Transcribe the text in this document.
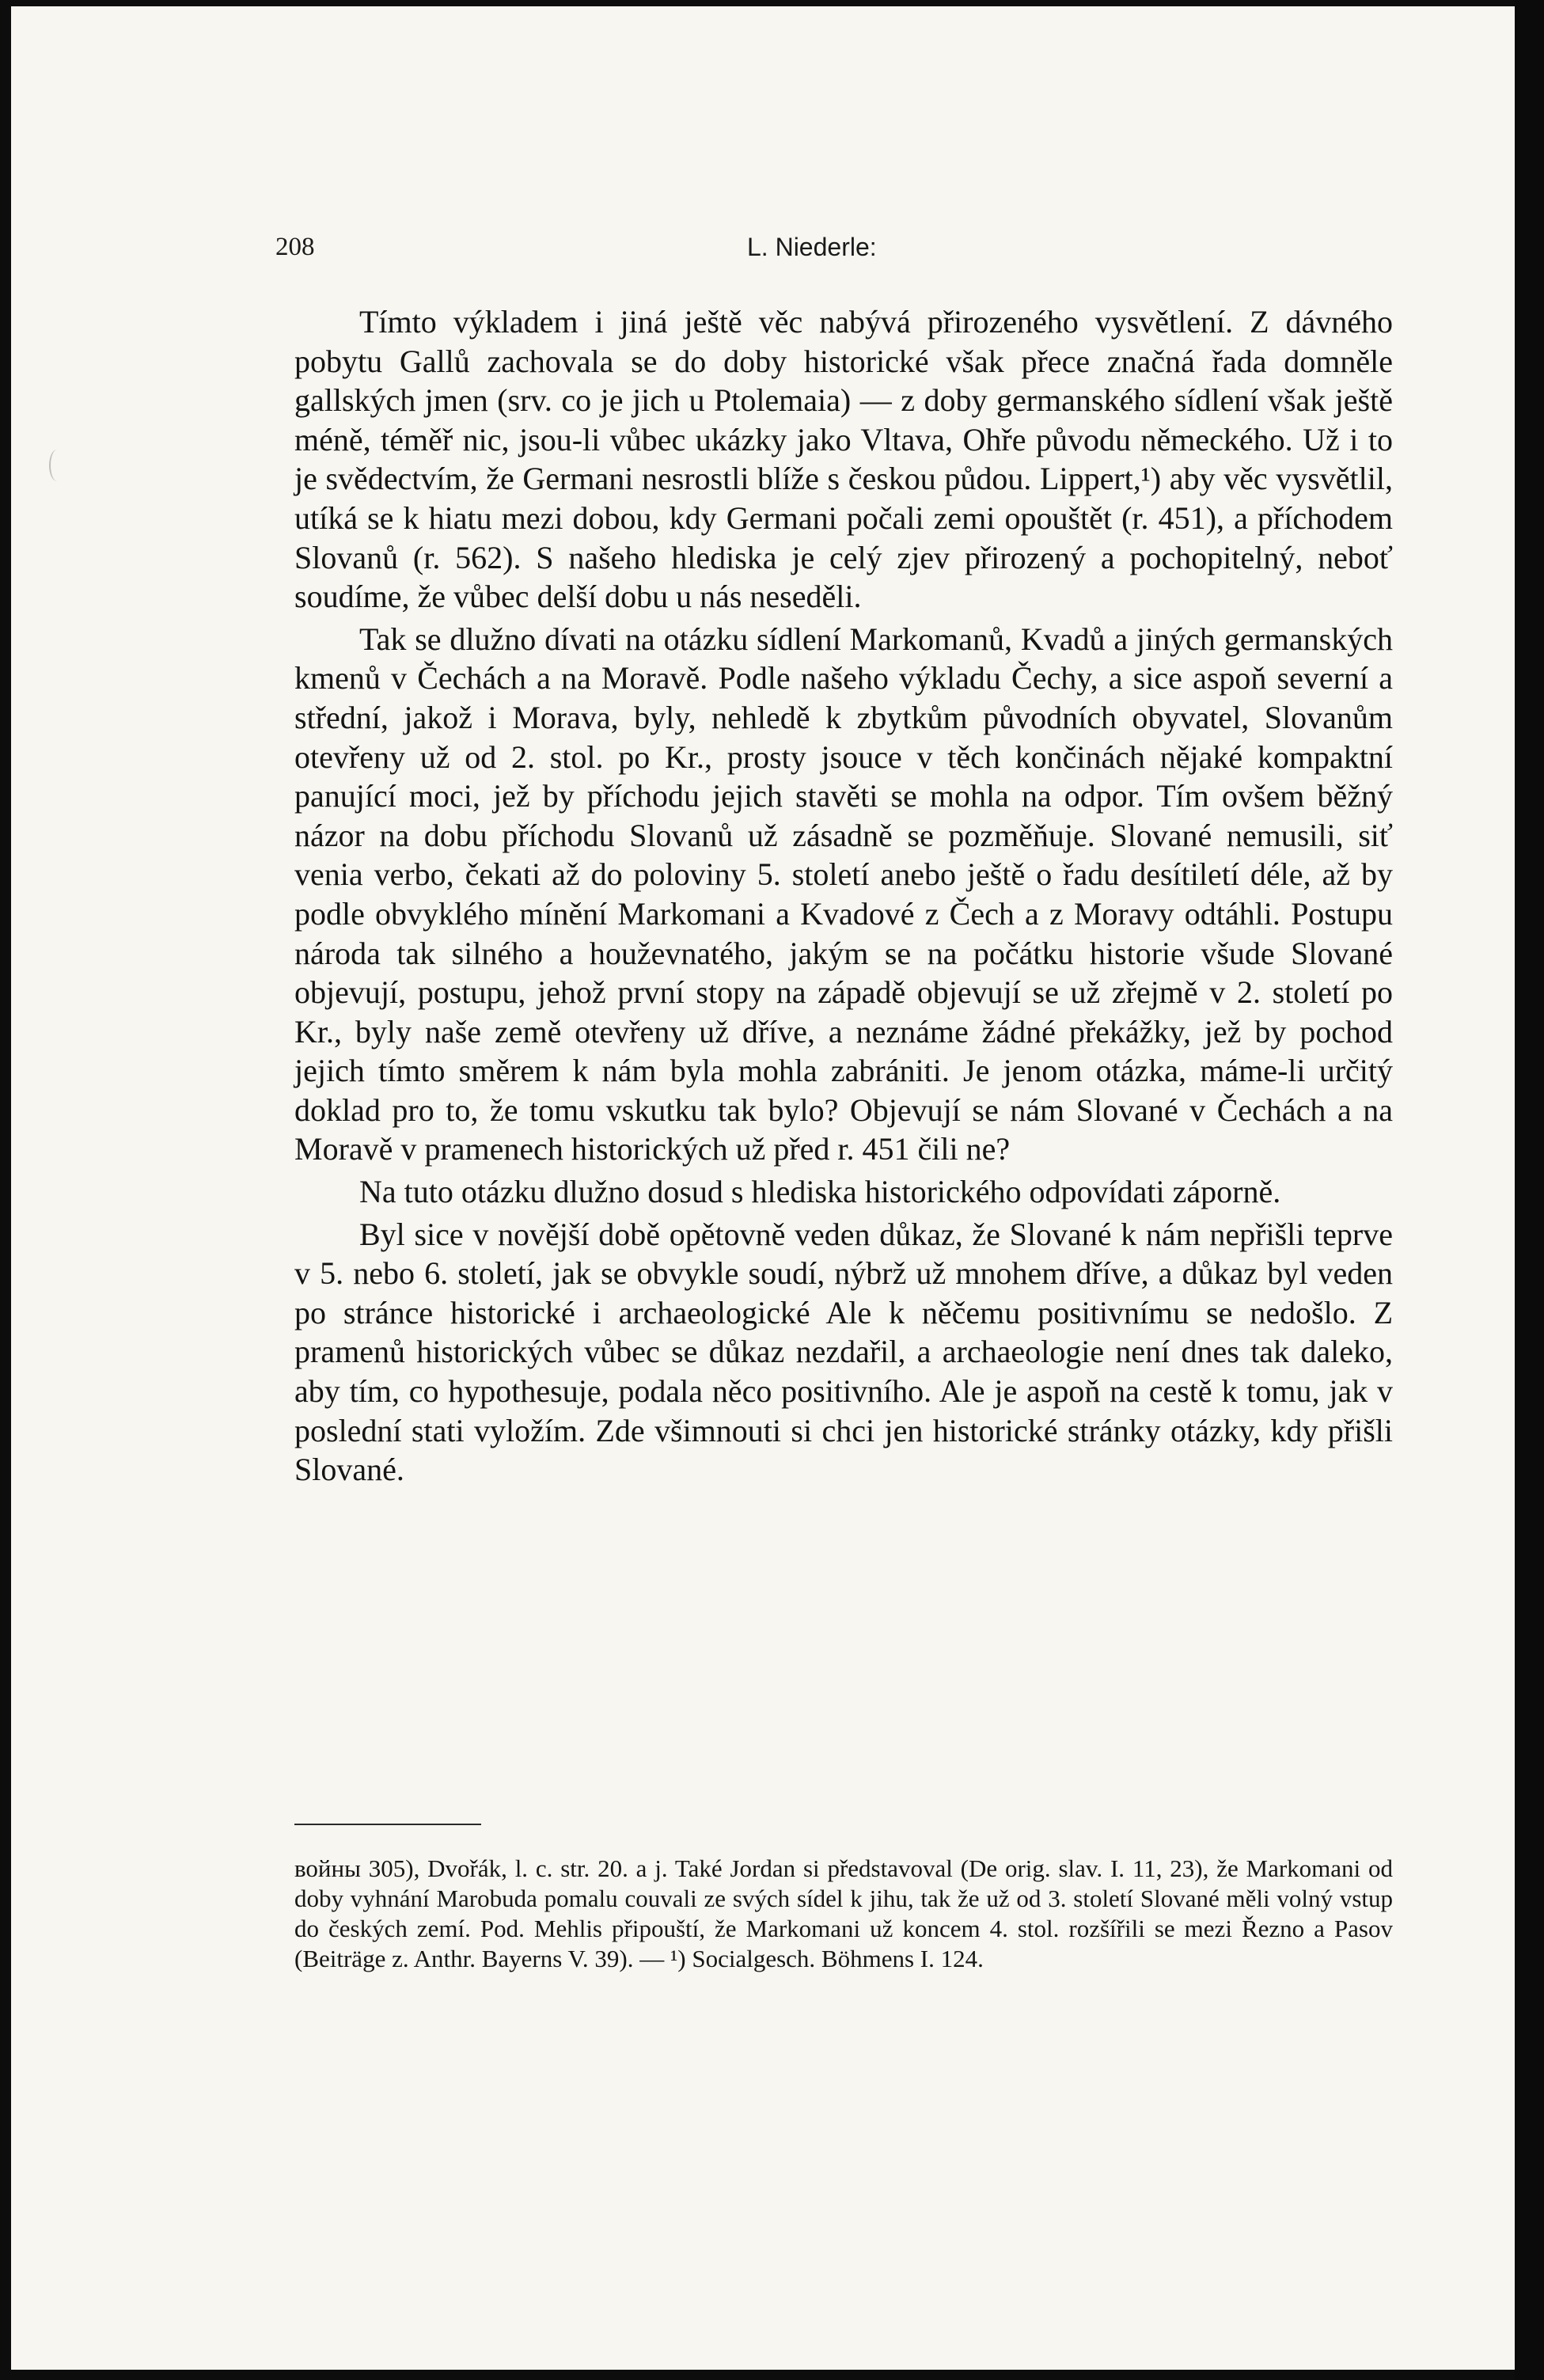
208	L. Niederle:

Tímto výkladem i jiná ještě věc nabývá přirozeného vysvětlení. Z dávného pobytu Gallů zachovala se do doby historické však přece značná řada domněle gallských jmen (srv. co je jich u Ptolemaia) — z doby germanského sídlení však ještě méně, téměř nic, jsou-li vůbec ukázky jako Vltava, Ohře původu německého. Už i to je svědectvím, že Germani nesrostli blíže s českou půdou. Lippert,¹) aby věc vysvětlil, utíká se k hiatu mezi dobou, kdy Germani počali zemi opouštět (r. 451), a příchodem Slovanů (r. 562). S našeho hlediska je celý zjev přirozený a pochopitelný, neboť soudíme, že vůbec delší dobu u nás neseděli.

Tak se dlužno dívati na otázku sídlení Markomanů, Kvadů a jiných germanských kmenů v Čechách a na Moravě. Podle našeho výkladu Čechy, a sice aspoň severní a střední, jakož i Morava, byly, nehledě k zbytkům původních obyvatel, Slovanům otevřeny už od 2. stol. po Kr., prosty jsouce v těch končinách nějaké kompaktní panující moci, jež by příchodu jejich stavěti se mohla na odpor. Tím ovšem běžný názor na dobu příchodu Slovanů už zásadně se pozměňuje. Slované nemusili, siť venia verbo, čekati až do poloviny 5. století anebo ještě o řadu desítiletí déle, až by podle obvyklého mínění Markomani a Kvadové z Čech a z Moravy odtáhli. Postupu národa tak silného a houževnatého, jakým se na počátku historie všude Slované objevují, postupu, jehož první stopy na západě objevují se už zřejmě v 2. století po Kr., byly naše země otevřeny už dříve, a neznáme žádné překážky, jež by pochod jejich tímto směrem k nám byla mohla zabrániti. Je jenom otázka, máme-li určitý doklad pro to, že tomu vskutku tak bylo? Objevují se nám Slované v Čechách a na Moravě v pramenech historických už před r. 451 čili ne?

Na tuto otázku dlužno dosud s hlediska historického odpovídati záporně.

Byl sice v novější době opětovně veden důkaz, že Slované k nám nepřišli teprve v 5. nebo 6. století, jak se obvykle soudí, nýbrž už mnohem dříve, a důkaz byl veden po stránce historické i archaeologické Ale k něčemu positivnímu se nedošlo. Z pramenů historických vůbec se důkaz nezdařil, a archaeologie není dnes tak daleko, aby tím, co hypothesuje, podala něco positivního. Ale je aspoň na cestě k tomu, jak v poslední stati vyložím. Zde všimnouti si chci jen historické stránky otázky, kdy přišli Slované.

войны 305), Dvořák, l. c. str. 20. a j. Také Jordan si představoval (De orig. slav. I. 11, 23), že Markomani od doby vyhnání Marobuda pomalu couvali ze svých sídel k jihu, tak že už od 3. století Slované měli volný vstup do českých zemí. Pod. Mehlis připouští, že Markomani už koncem 4. stol. rozšířili se mezi Řezno a Pasov (Beiträge z. Anthr. Bayerns V. 39). — ¹) Socialgesch. Böhmens I. 124.
